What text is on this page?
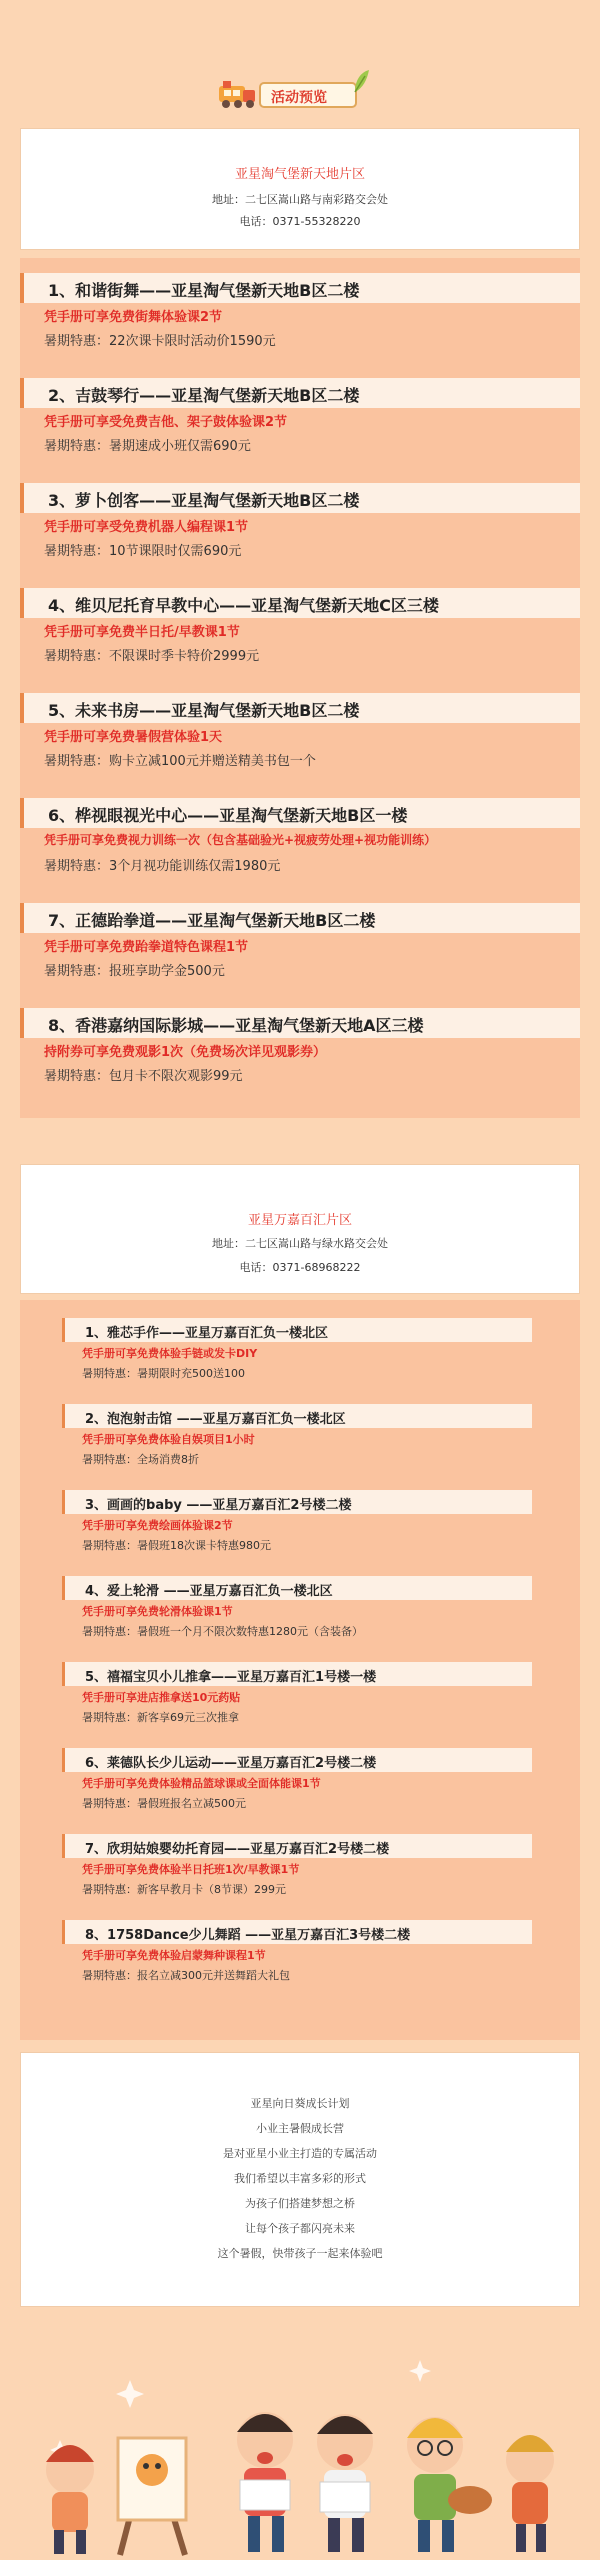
活动预览
亚星淘气堡新天地片区
地址：二七区嵩山路与南彩路交会处
电话：0371-55328220
1、和谐街舞——亚星淘气堡新天地B区二楼
凭手册可享免费街舞体验课2节
暑期特惠：22次课卡限时活动价1590元
2、吉鼓琴行——亚星淘气堡新天地B区二楼
凭手册可享受免费吉他、架子鼓体验课2节
暑期特惠：暑期速成小班仅需690元
3、萝卜创客——亚星淘气堡新天地B区二楼
凭手册可享受免费机器人编程课1节
暑期特惠：10节课限时仅需690元
4、维贝尼托育早教中心——亚星淘气堡新天地C区三楼
凭手册可享免费半日托/早教课1节
暑期特惠：不限课时季卡特价2999元
5、未来书房——亚星淘气堡新天地B区二楼
凭手册可享免费暑假营体验1天
暑期特惠：购卡立减100元并赠送精美书包一个
6、桦视眼视光中心——亚星淘气堡新天地B区一楼
凭手册可享免费视力训练一次（包含基础验光+视疲劳处理+视功能训练）
暑期特惠：3个月视功能训练仅需1980元
7、正德跆拳道——亚星淘气堡新天地B区二楼
凭手册可享免费跆拳道特色课程1节
暑期特惠：报班享助学金500元
8、香港嘉纳国际影城——亚星淘气堡新天地A区三楼
持附券可享免费观影1次（免费场次详见观影券）
暑期特惠：包月卡不限次观影99元
亚星万嘉百汇片区
地址：二七区嵩山路与绿水路交会处
电话：0371-68968222
1、雅芯手作——亚星万嘉百汇负一楼北区
凭手册可享免费体验手链或发卡DIY
暑期特惠：暑期限时充500送100
2、泡泡射击馆 ——亚星万嘉百汇负一楼北区
凭手册可享免费体验自娱项目1小时
暑期特惠：全场消费8折
3、画画的baby ——亚星万嘉百汇2号楼二楼
凭手册可享免费绘画体验课2节
暑期特惠：暑假班18次课卡特惠980元
4、爱上轮滑 ——亚星万嘉百汇负一楼北区
凭手册可享免费轮滑体验课1节
暑期特惠：暑假班一个月不限次数特惠1280元（含装备）
5、禧福宝贝小儿推拿——亚星万嘉百汇1号楼一楼
凭手册可享进店推拿送10元药贴
暑期特惠：新客享69元三次推拿
6、莱德队长少儿运动——亚星万嘉百汇2号楼二楼
凭手册可享免费体验精品篮球课或全面体能课1节
暑期特惠：暑假班报名立减500元
7、欣玥姑娘婴幼托育园——亚星万嘉百汇2号楼二楼
凭手册可享免费体验半日托班1次/早教课1节
暑期特惠：新客早教月卡（8节课）299元
8、1758Dance少儿舞蹈 ——亚星万嘉百汇3号楼二楼
凭手册可享免费体验启蒙舞种课程1节
暑期特惠：报名立减300元并送舞蹈大礼包
亚星向日葵成长计划
小业主暑假成长营
是对亚星小业主打造的专属活动
我们希望以丰富多彩的形式
为孩子们搭建梦想之桥
让每个孩子都闪亮未来
这个暑假，快带孩子一起来体验吧
